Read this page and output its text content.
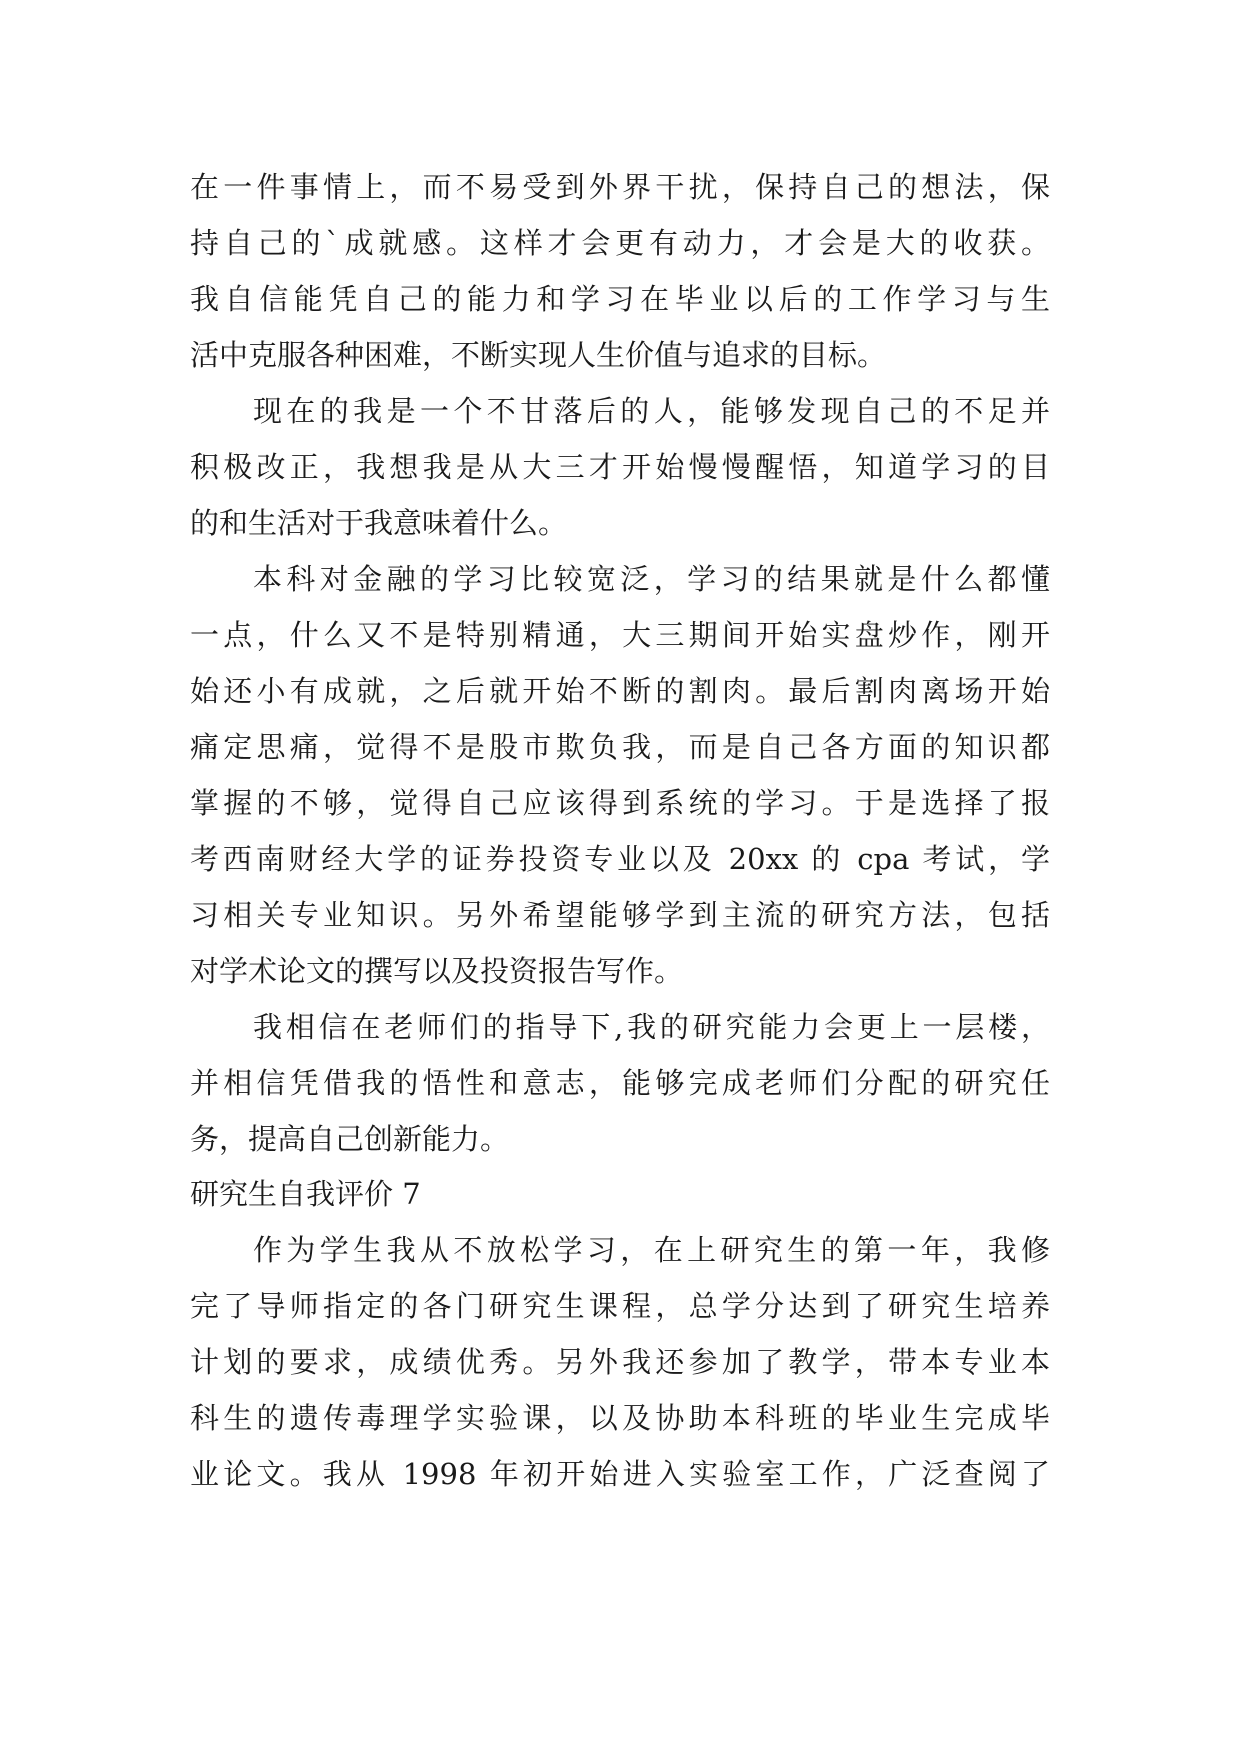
在一件事情上，而不易受到外界干扰，保持自己的想法，保
持自己的`成就感。这样才会更有动力，才会是大的收获。
我自信能凭自己的能力和学习在毕业以后的工作学习与生
活中克服各种困难，不断实现人生价值与追求的目标。
现在的我是一个不甘落后的人，能够发现自己的不足并
积极改正，我想我是从大三才开始慢慢醒悟，知道学习的目
的和生活对于我意味着什么。
本科对金融的学习比较宽泛，学习的结果就是什么都懂
一点，什么又不是特别精通，大三期间开始实盘炒作，刚开
始还小有成就，之后就开始不断的割肉。最后割肉离场开始
痛定思痛，觉得不是股市欺负我，而是自己各方面的知识都
掌握的不够，觉得自己应该得到系统的学习。于是选择了报
考西南财经大学的证券投资专业以及 20xx 的 cpa 考试，学
习相关专业知识。另外希望能够学到主流的研究方法，包括
对学术论文的撰写以及投资报告写作。
我相信在老师们的指导下,我的研究能力会更上一层楼，
并相信凭借我的悟性和意志，能够完成老师们分配的研究任
务，提高自己创新能力。
研究生自我评价 7
作为学生我从不放松学习，在上研究生的第一年，我修
完了导师指定的各门研究生课程，总学分达到了研究生培养
计划的要求，成绩优秀。另外我还参加了教学，带本专业本
科生的遗传毒理学实验课，以及协助本科班的毕业生完成毕
业论文。我从 1998 年初开始进入实验室工作，广泛查阅了
